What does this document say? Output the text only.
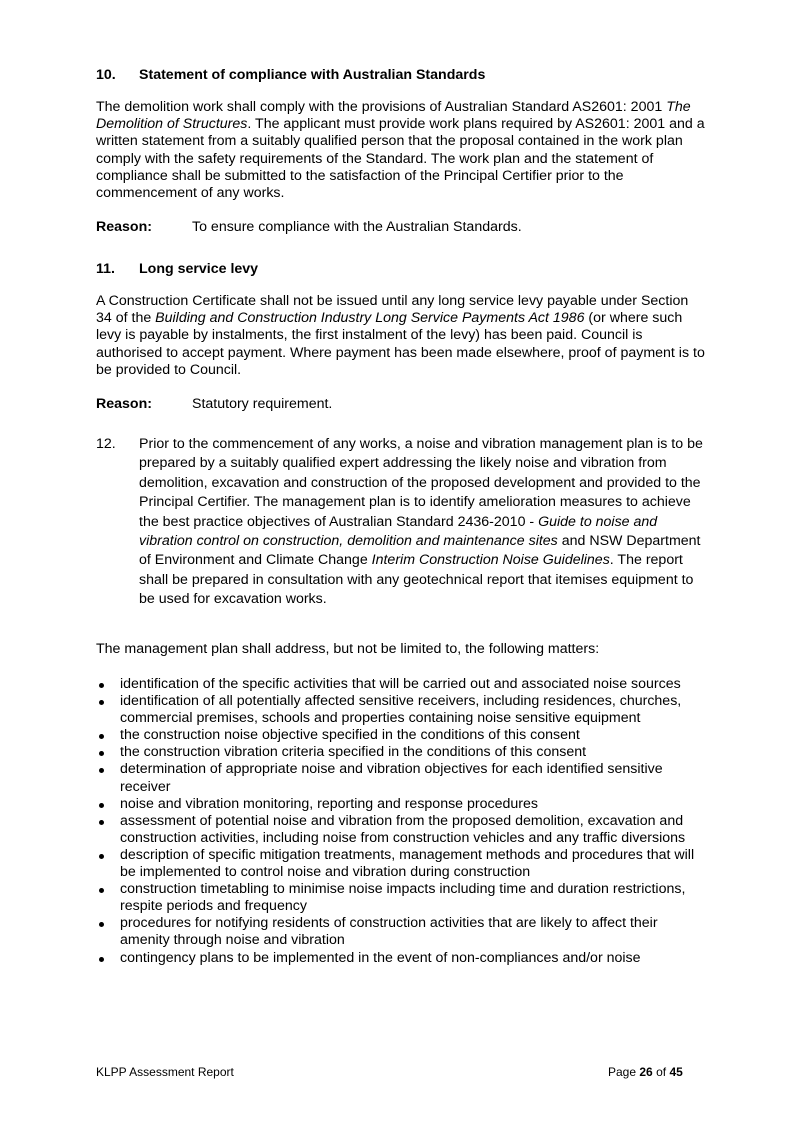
10. Statement of compliance with Australian Standards
The demolition work shall comply with the provisions of Australian Standard AS2601: 2001 The Demolition of Structures. The applicant must provide work plans required by AS2601: 2001 and a written statement from a suitably qualified person that the proposal contained in the work plan comply with the safety requirements of the Standard. The work plan and the statement of compliance shall be submitted to the satisfaction of the Principal Certifier prior to the commencement of any works.
Reason:	To ensure compliance with the Australian Standards.
11. Long service levy
A Construction Certificate shall not be issued until any long service levy payable under Section 34 of the Building and Construction Industry Long Service Payments Act 1986 (or where such levy is payable by instalments, the first instalment of the levy) has been paid. Council is authorised to accept payment. Where payment has been made elsewhere, proof of payment is to be provided to Council.
Reason:	Statutory requirement.
12. Prior to the commencement of any works, a noise and vibration management plan is to be prepared by a suitably qualified expert addressing the likely noise and vibration from demolition, excavation and construction of the proposed development and provided to the Principal Certifier. The management plan is to identify amelioration measures to achieve the best practice objectives of Australian Standard 2436-2010 - Guide to noise and vibration control on construction, demolition and maintenance sites and NSW Department of Environment and Climate Change Interim Construction Noise Guidelines. The report shall be prepared in consultation with any geotechnical report that itemises equipment to be used for excavation works.
The management plan shall address, but not be limited to, the following matters:
identification of the specific activities that will be carried out and associated noise sources
identification of all potentially affected sensitive receivers, including residences, churches, commercial premises, schools and properties containing noise sensitive equipment
the construction noise objective specified in the conditions of this consent
the construction vibration criteria specified in the conditions of this consent
determination of appropriate noise and vibration objectives for each identified sensitive receiver
noise and vibration monitoring, reporting and response procedures
assessment of potential noise and vibration from the proposed demolition, excavation and construction activities, including noise from construction vehicles and any traffic diversions
description of specific mitigation treatments, management methods and procedures that will be implemented to control noise and vibration during construction
construction timetabling to minimise noise impacts including time and duration restrictions, respite periods and frequency
procedures for notifying residents of construction activities that are likely to affect their amenity through noise and vibration
contingency plans to be implemented in the event of non-compliances and/or noise
KLPP Assessment Report	Page 26 of 45
